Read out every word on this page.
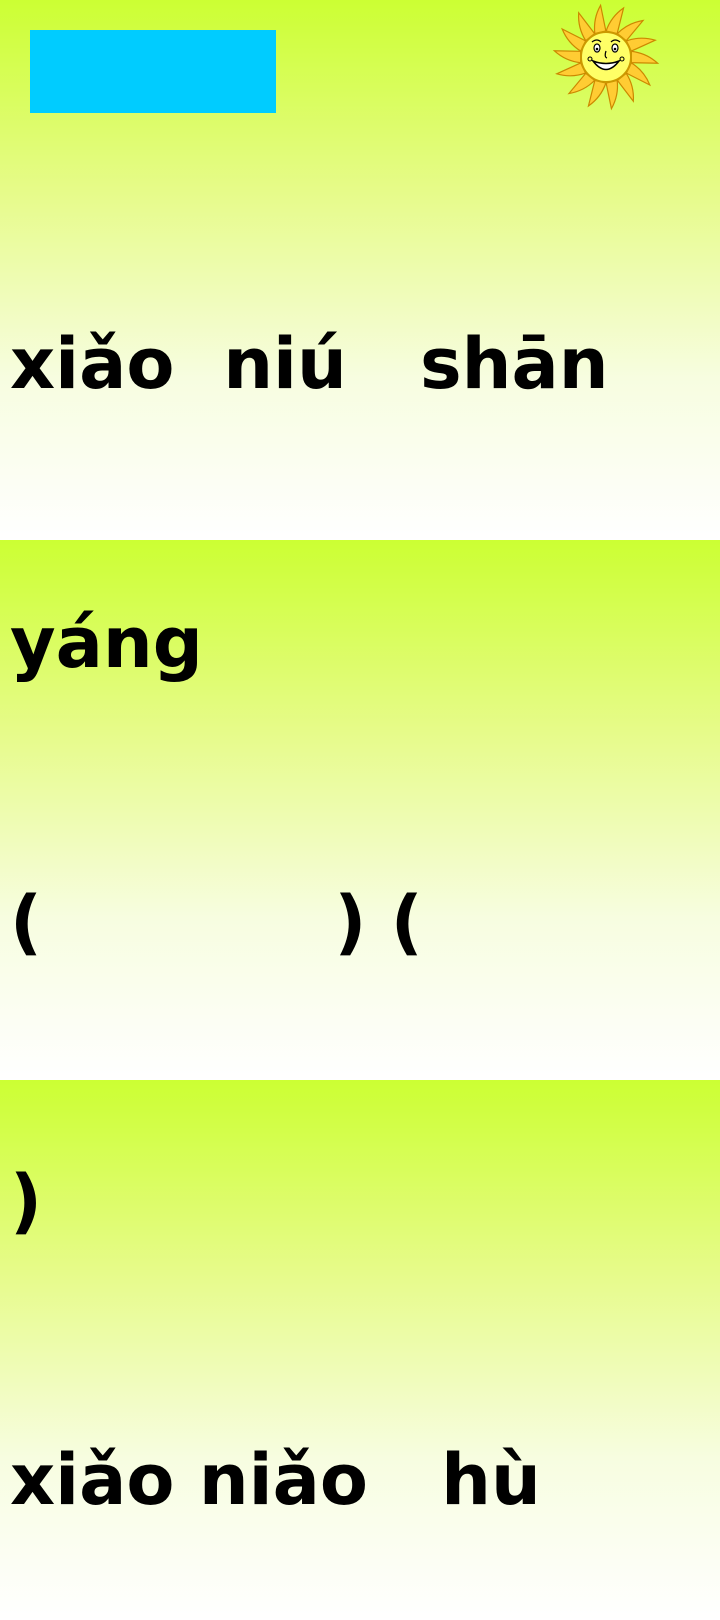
xiǎo  niú   shān

yáng

(            ) (

)

xiǎo niǎo   hù
